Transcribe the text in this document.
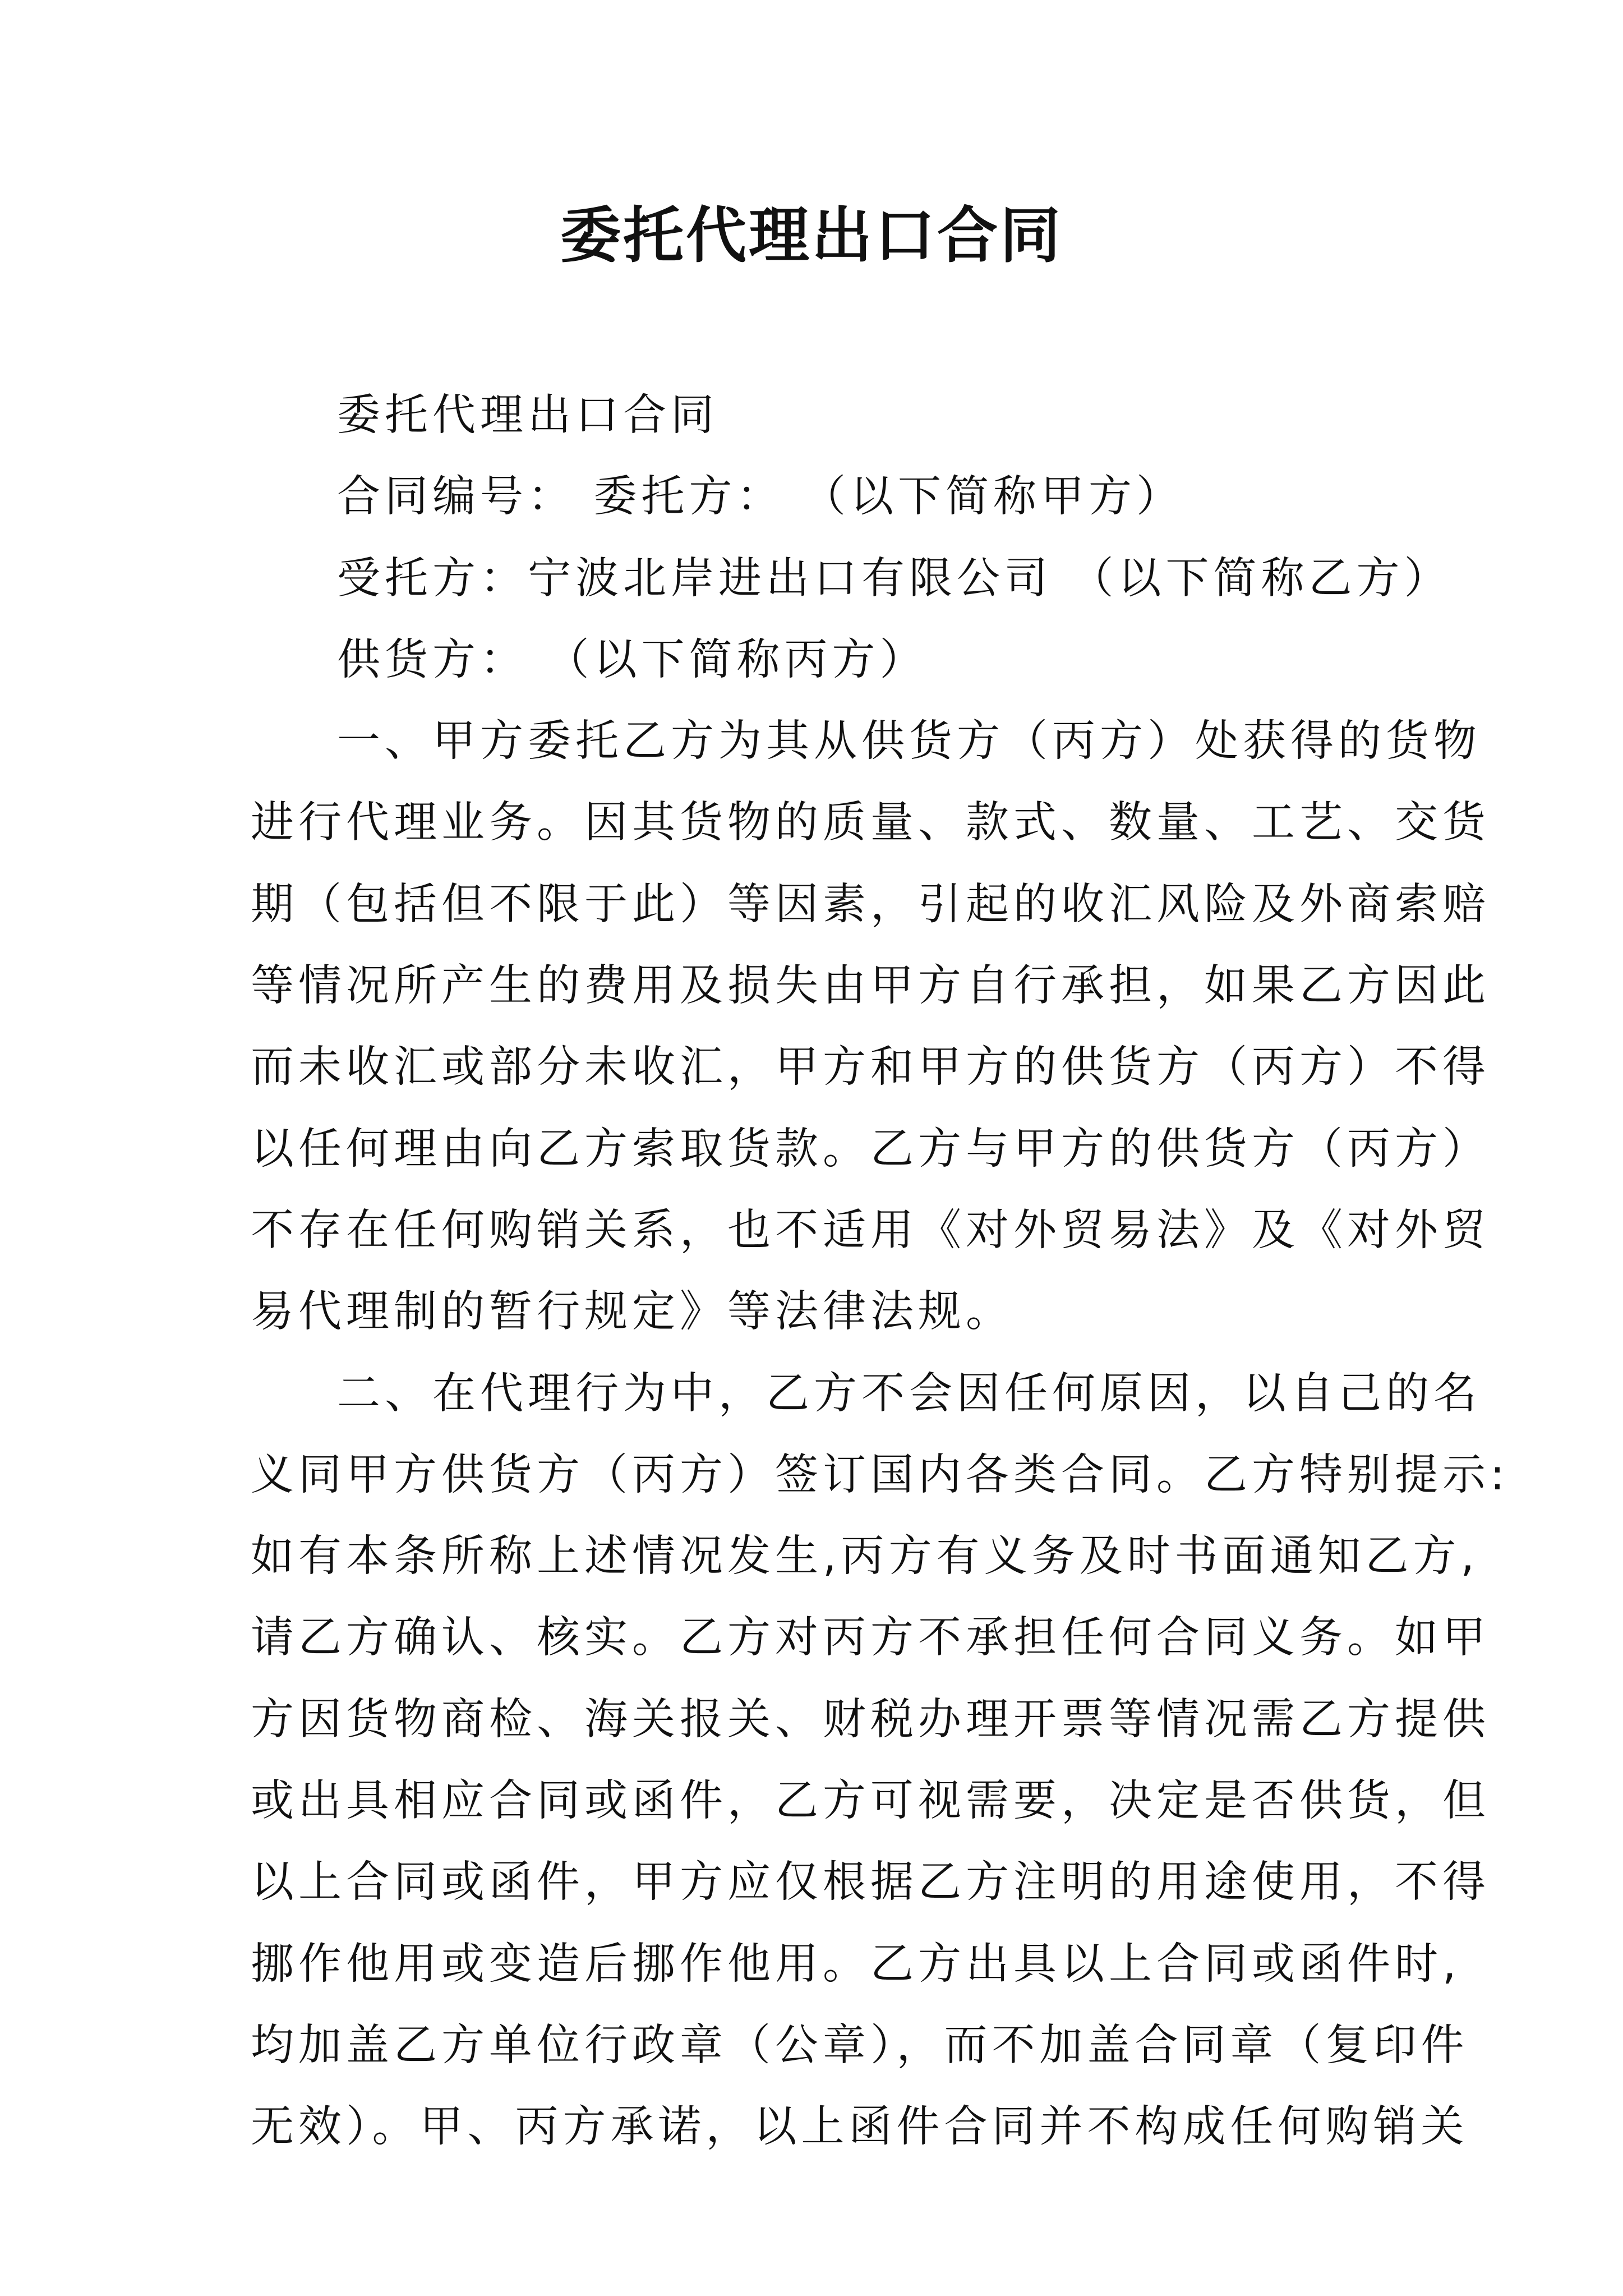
委托代理出口合同
委托代理出口合同
合同编号： 委托方： （以下简称甲方）
受托方：宁波北岸进出口有限公司 （以下简称乙方）
供货方： （以下简称丙方）
一、甲方委托乙方为其从供货方（丙方）处获得的货物
进行代理业务。因其货物的质量、款式、数量、工艺、交货
期（包括但不限于此）等因素，引起的收汇风险及外商索赔
等情况所产生的费用及损失由甲方自行承担，如果乙方因此
而未收汇或部分未收汇，甲方和甲方的供货方（丙方）不得
以任何理由向乙方索取货款。乙方与甲方的供货方（丙方）
不存在任何购销关系，也不适用《对外贸易法》及《对外贸
易代理制的暂行规定》等法律法规。
二、在代理行为中，乙方不会因任何原因，以自己的名
义同甲方供货方（丙方）签订国内各类合同。乙方特别提示:
如有本条所称上述情况发生,丙方有义务及时书面通知乙方,
请乙方确认、核实。乙方对丙方不承担任何合同义务。如甲
方因货物商检、海关报关、财税办理开票等情况需乙方提供
或出具相应合同或函件，乙方可视需要，决定是否供货，但
以上合同或函件，甲方应仅根据乙方注明的用途使用，不得
挪作他用或变造后挪作他用。乙方出具以上合同或函件时,
均加盖乙方单位行政章（公章），而不加盖合同章（复印件
无效）。甲、丙方承诺，以上函件合同并不构成任何购销关
